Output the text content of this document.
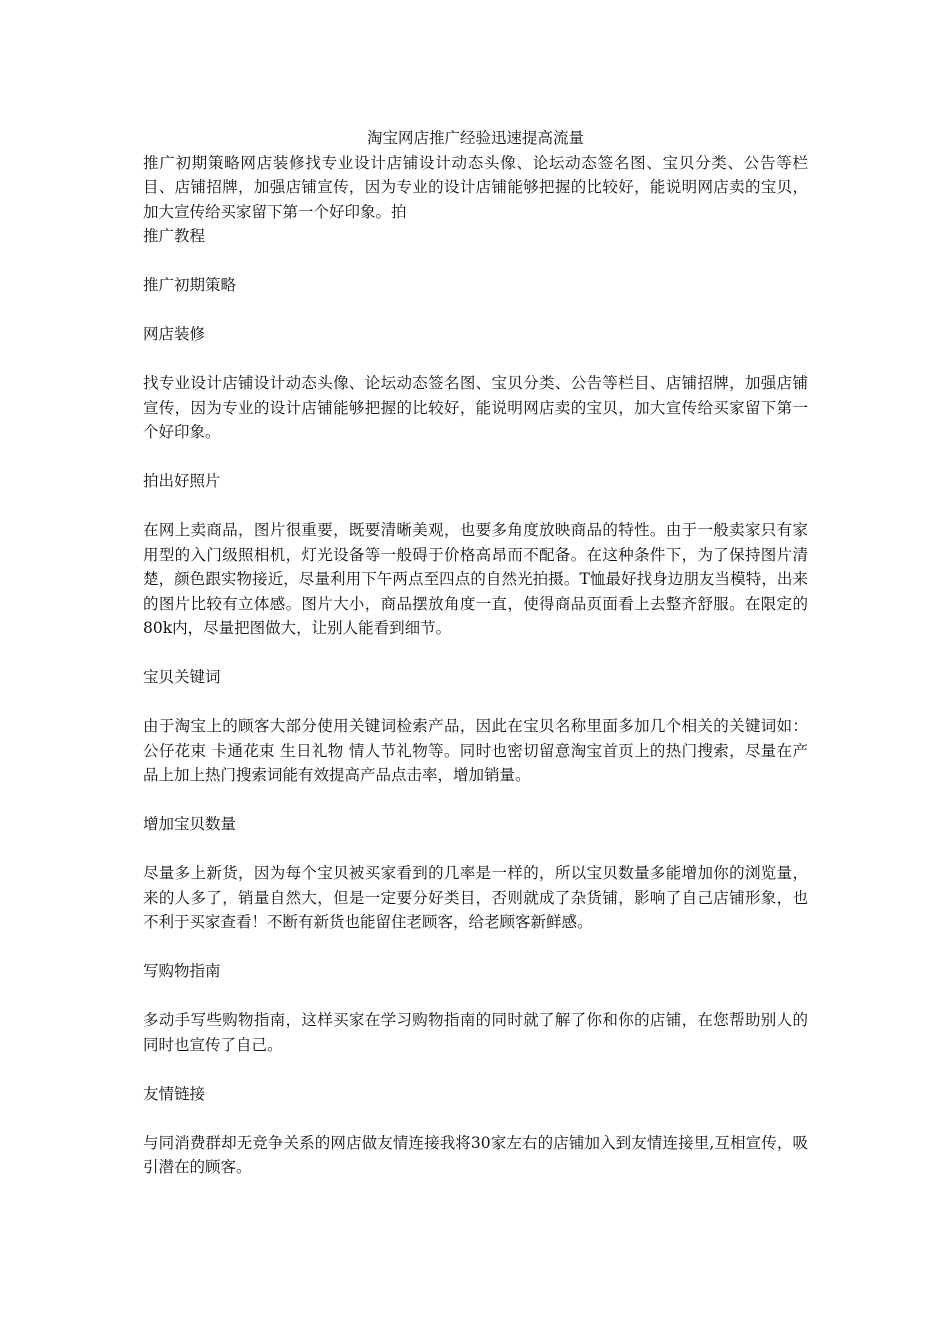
淘宝网店推广经验迅速提高流量

推广初期策略网店装修找专业设计店铺设计动态头像、论坛动态签名图、宝贝分类、公告等栏目、店铺招牌，加强店铺宣传，因为专业的设计店铺能够把握的比较好，能说明网店卖的宝贝，加大宣传给买家留下第一个好印象。拍

推广教程

推广初期策略

网店装修

找专业设计店铺设计动态头像、论坛动态签名图、宝贝分类、公告等栏目、店铺招牌，加强店铺宣传，因为专业的设计店铺能够把握的比较好，能说明网店卖的宝贝，加大宣传给买家留下第一个好印象。

拍出好照片

在网上卖商品，图片很重要，既要清晰美观，也要多角度放映商品的特性。由于一般卖家只有家用型的入门级照相机，灯光设备等一般碍于价格高昂而不配备。在这种条件下，为了保持图片清楚，颜色跟实物接近，尽量利用下午两点至四点的自然光拍摄。T恤最好找身边朋友当模特，出来的图片比较有立体感。图片大小，商品摆放角度一直，使得商品页面看上去整齐舒服。在限定的80k内，尽量把图做大，让别人能看到细节。

宝贝关键词

由于淘宝上的顾客大部分使用关键词检索产品，因此在宝贝名称里面多加几个相关的关键词如：公仔花束 卡通花束 生日礼物 情人节礼物等。同时也密切留意淘宝首页上的热门搜索，尽量在产品上加上热门搜索词能有效提高产品点击率，增加销量。

增加宝贝数量

尽量多上新货，因为每个宝贝被买家看到的几率是一样的，所以宝贝数量多能增加你的浏览量，来的人多了，销量自然大，但是一定要分好类目，否则就成了杂货铺，影响了自己店铺形象，也不利于买家查看！不断有新货也能留住老顾客，给老顾客新鲜感。

写购物指南

多动手写些购物指南，这样买家在学习购物指南的同时就了解了你和你的店铺，在您帮助别人的同时也宣传了自己。

友情链接

与同消费群却无竞争关系的网店做友情连接我将30家左右的店铺加入到友情连接里,互相宣传，吸引潜在的顾客。
